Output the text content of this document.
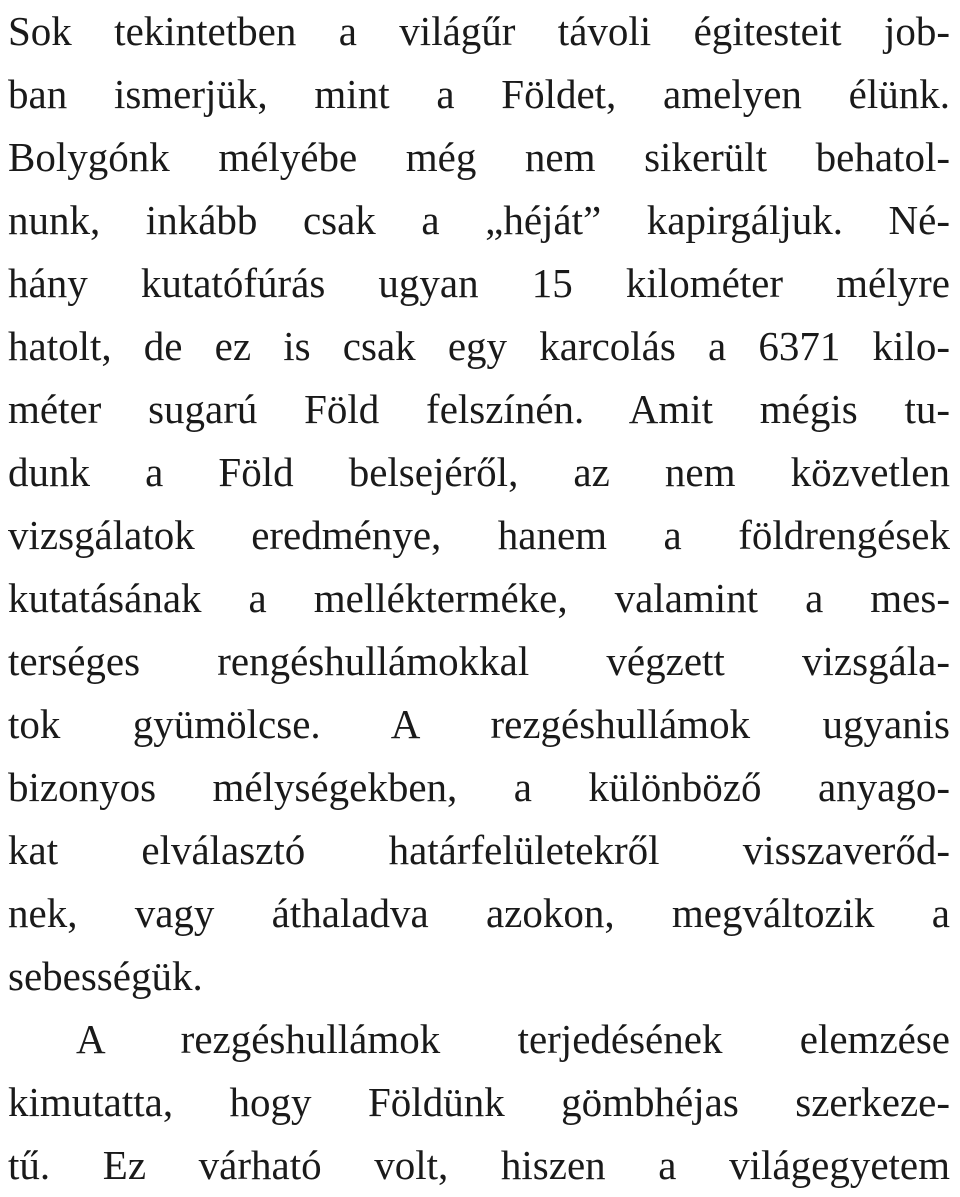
Sok tekintetben a világűr távoli égitesteit job-
ban ismerjük, mint a Földet, amelyen élünk.
Bolygónk mélyébe még nem sikerült behatol-
nunk, inkább csak a „héját” kapirgáljuk. Né-
hány kutatófúrás ugyan 15 kilométer mélyre
hatolt, de ez is csak egy karcolás a 6371 kilo-
méter sugarú Föld felszínén. Amit mégis tu-
dunk a Föld belsejéről, az nem közvetlen
vizsgálatok eredménye, hanem a földrengések
kutatásának a mellékterméke, valamint a mes-
terséges rengéshullámokkal végzett vizsgála-
tok gyümölcse. A rezgéshullámok ugyanis
bizonyos mélységekben, a különböző anyago-
kat elválasztó határfelületekről visszaverőd-
nek, vagy áthaladva azokon, megváltozik a
sebességük.
A rezgéshullámok terjedésének elemzése
kimutatta, hogy Földünk gömbhéjas szerkeze-
tű. Ez várható volt, hiszen a világegyetem
